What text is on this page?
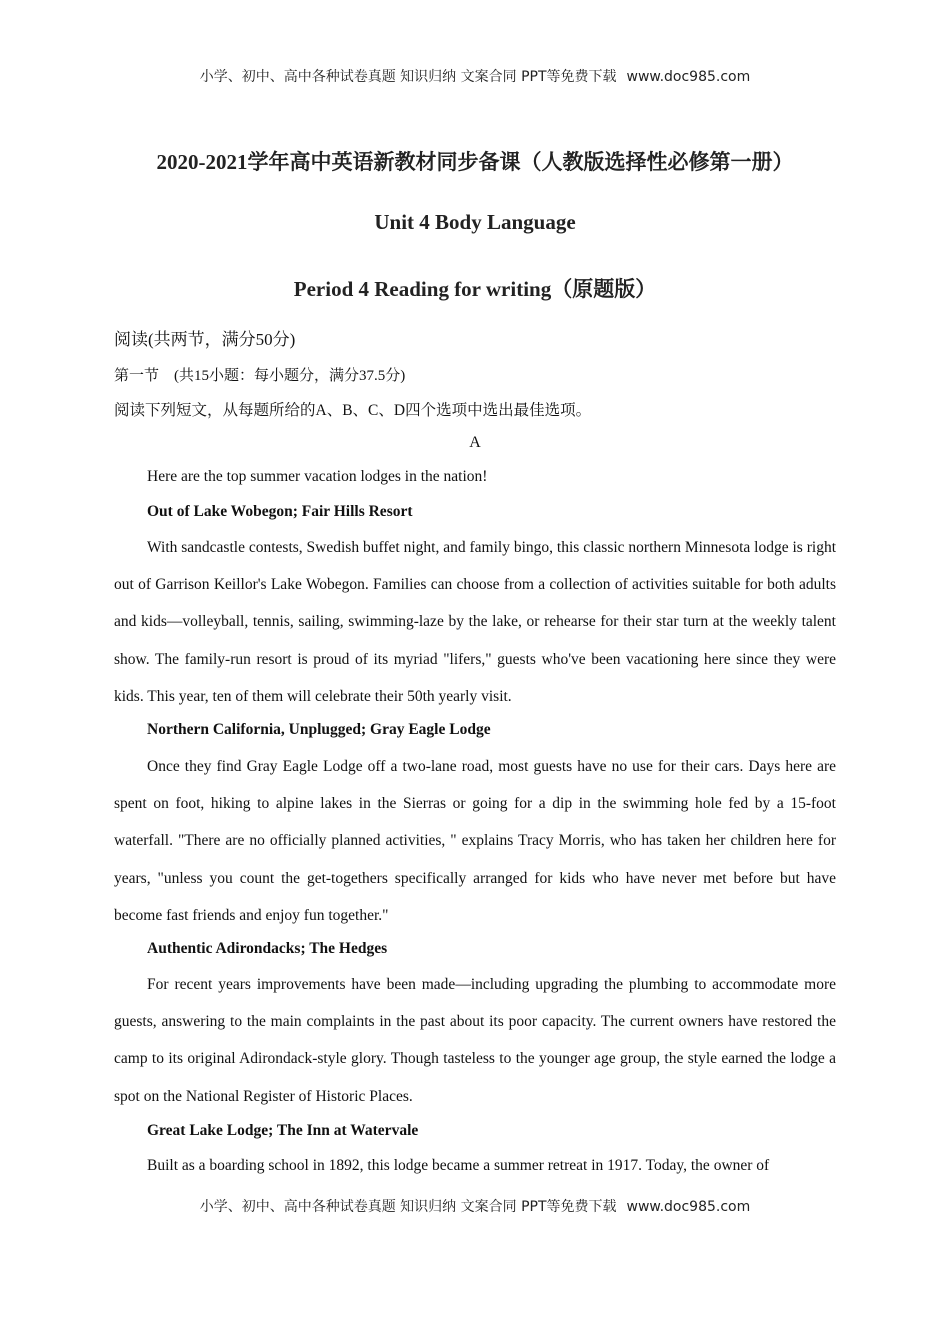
小学、初中、高中各种试卷真题 知识归纳 文案合同 PPT等免费下载 www.doc985.com
2020-2021学年高中英语新教材同步备课（人教版选择性必修第一册）
Unit 4 Body Language
Period 4 Reading for writing（原题版）
阅读(共两节，满分50分)
第一节　(共15小题：每小题分，满分37.5分)
阅读下列短文，从每题所给的A、B、C、D四个选项中选出最佳选项。
A
Here are the top summer vacation lodges in the nation!
Out of Lake Wobegon; Fair Hills Resort

With sandcastle contests, Swedish buffet night, and family bingo, this classic northern Minnesota lodge is right out of Garrison Keillor's Lake Wobegon. Families can choose from a collection of activities suitable for both adults and kids—volleyball, tennis, sailing, swimming-laze by the lake, or rehearse for their star turn at the weekly talent show. The family-run resort is proud of its myriad "lifers," guests who've been vacationing here since they were kids. This year, ten of them will celebrate their 50th yearly visit.

Northern California, Unplugged; Gray Eagle Lodge

Once they find Gray Eagle Lodge off a two-lane road, most guests have no use for their cars. Days here are spent on foot, hiking to alpine lakes in the Sierras or going for a dip in the swimming hole fed by a 15-foot waterfall. "There are no officially planned activities, " explains Tracy Morris, who has taken her children here for years, "unless you count the get-togethers specifically arranged for kids who have never met before but have become fast friends and enjoy fun together."

Authentic Adirondacks; The Hedges

For recent years improvements have been made—including upgrading the plumbing to accommodate more guests, answering to the main complaints in the past about its poor capacity. The current owners have restored the camp to its original Adirondack-style glory. Though tasteless to the younger age group, the style earned the lodge a spot on the National Register of Historic Places.

Great Lake Lodge; The Inn at Watervale

Built as a boarding school in 1892, this lodge became a summer retreat in 1917. Today, the owner of

小学、初中、高中各种试卷真题 知识归纳 文案合同 PPT等免费下载 www.doc985.com
